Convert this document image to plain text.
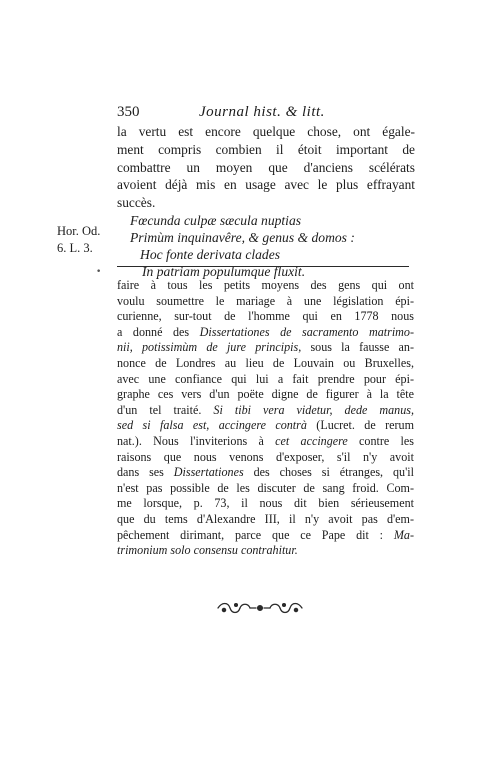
350	Journal hist. & litt.
la vertu est encore quelque chose, ont égale-
ment compris combien il étoit important de
combattre un moyen que d'anciens scélérats
avoient déjà mis en usage avec le plus effrayant
succès.
Hor. Od.
6. L. 3.
Fœcunda culpæ sæcula nuptias
Primùm inquinavêre, & genus & domos :
Hoc fonte derivata clades
In patriam populumque fluxit.
•
faire à tous les petits moyens des gens qui ont
voulu soumettre le mariage à une législation épi-
curienne, sur-tout de l'homme qui en 1778 nous
a donné des Dissertationes de sacramento matrimo-
nii, potissimùm de jure principis, sous la fausse an-
nonce de Londres au lieu de Louvain ou Bruxelles,
avec une confiance qui lui a fait prendre pour épi-
graphe ces vers d'un poëte digne de figurer à la tête
d'un tel traité. Si tibi vera videtur, dede manus,
sed si falsa est, accingere contrà (Lucret. de rerum
nat.). Nous l'inviterions à cet accingere contre les
raisons que nous venons d'exposer, s'il n'y avoit
dans ses Dissertationes des choses si étranges, qu'il
n'est pas possible de les discuter de sang froid. Com-
me lorsque, p. 73, il nous dit bien sérieusement
que du tems d'Alexandre III, il n'y avoit pas d'em-
pêchement dirimant, parce que ce Pape dit : Ma-
trimonium solo consensu contrahitur.
